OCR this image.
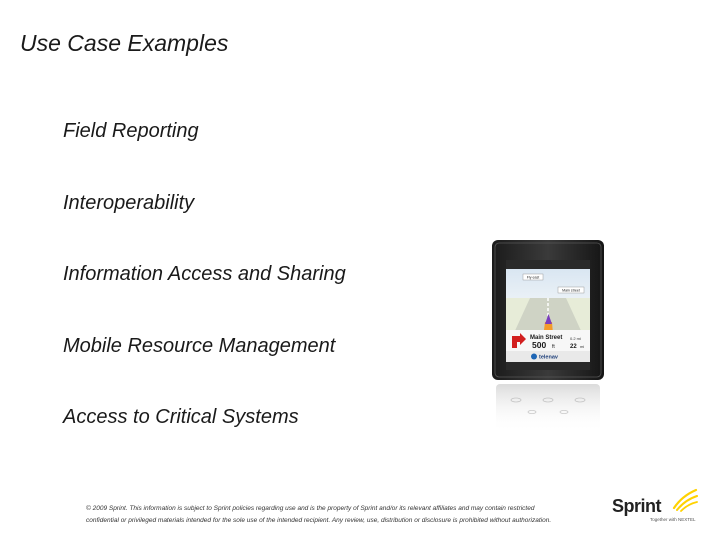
Use Case Examples
Field Reporting
Interoperability
Information Access and Sharing
Mobile Resource Management
Access to Critical Systems
Fly east
Main street
Main Street
500 ft
0.2 mi
22 mi
telenav
© 2009 Sprint. This information is subject to Sprint policies regarding use and is the property of Sprint and/or its relevant affiliates and may contain restricted
confidential or privileged materials intended for the sole use of the intended recipient. Any review, use, distribution or disclosure is prohibited without authorization.
Sprint
Together with NEXTEL
